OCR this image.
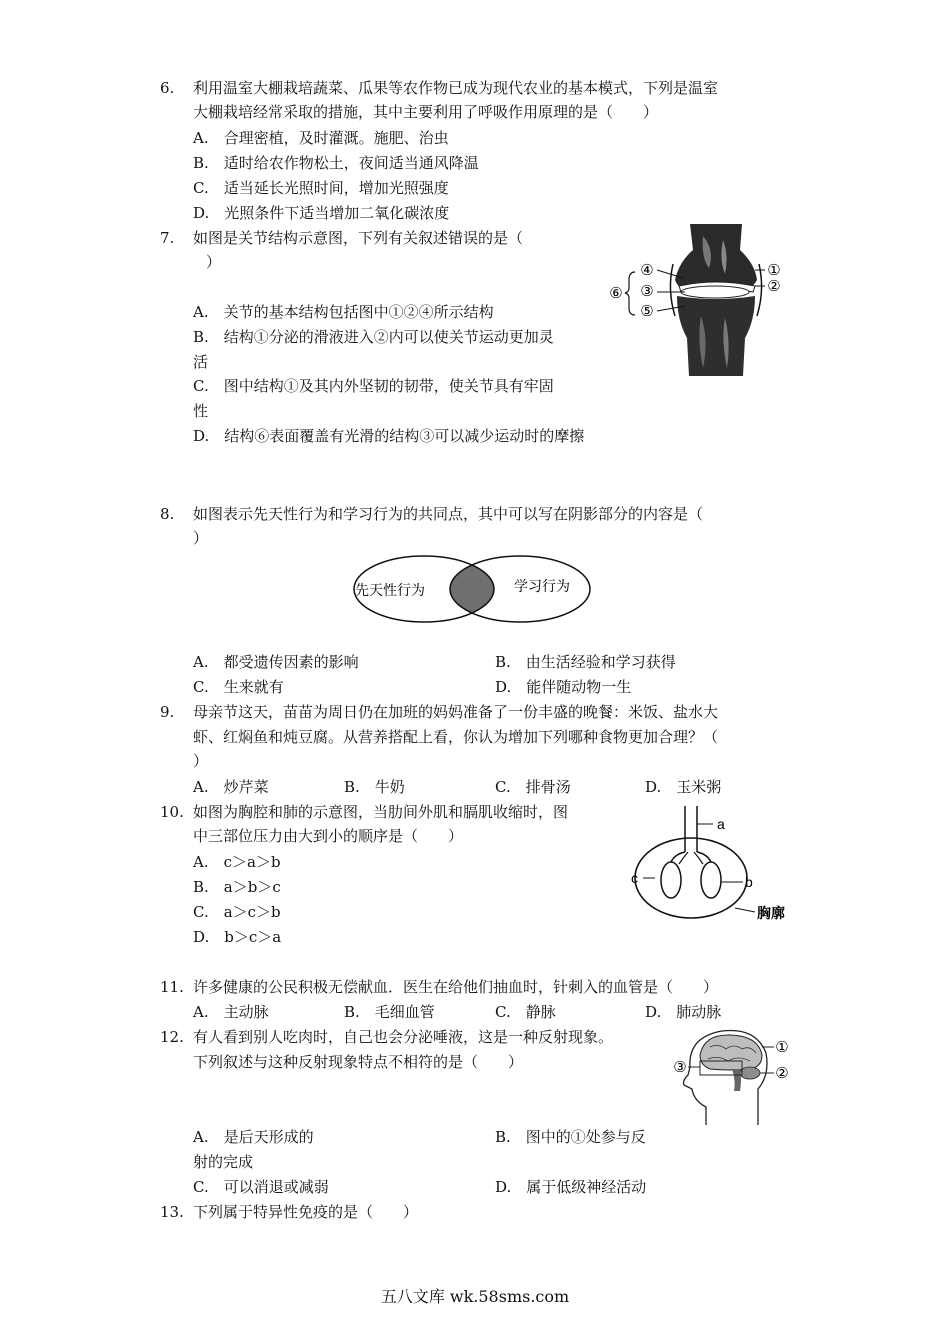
6. 利用温室大棚栽培蔬菜、瓜果等农作物已成为现代农业的基本模式，下列是温室
大棚栽培经常采取的措施，其中主要利用了呼吸作用原理的是（　　）
A.　合理密植，及时灌溉。施肥、治虫
B.　适时给农作物松土，夜间适当通风降温
C.　适当延长光照时间，增加光照强度
D.　光照条件下适当增加二氧化碳浓度
7. 如图是关节结构示意图，下列有关叙述错误的是（
）
A.　关节的基本结构包括图中①②④所示结构
B.　结构①分泌的滑液进入②内可以使关节运动更加灵
活
C.　图中结构①及其内外坚韧的韧带，使关节具有牢固
性
D.　结构⑥表面覆盖有光滑的结构③可以减少运动时的摩擦
④
③
⑤
⑥
①
②
8. 如图表示先天性行为和学习行为的共同点，其中可以写在阴影部分的内容是（
）
先天性行为	学习行为
A.　都受遗传因素的影响	B.　由生活经验和学习获得
C.　生来就有	D.　能伴随动物一生
9. 母亲节这天，苗苗为周日仍在加班的妈妈准备了一份丰盛的晚餐：米饭、盐水大
虾、红焖鱼和炖豆腐。从营养搭配上看，你认为增加下列哪种食物更加合理？（
）
A.　炒芹菜	B.　牛奶	C.　排骨汤	D.　玉米粥
10. 如图为胸腔和肺的示意图，当肋间外肌和膈肌收缩时，图
中三部位压力由大到小的顺序是（　　）
A.　c＞a＞b
B.　a＞b＞c
C.　a＞c＞b
D.　b＞c＞a
a
c	b
胸廓
11. 许多健康的公民积极无偿献血．医生在给他们抽血时，针刺入的血管是（　　）
A.　主动脉	B.　毛细血管	C.　静脉	D.　肺动脉
12. 有人看到别人吃肉时，自己也会分泌唾液，这是一种反射现象。
下列叙述与这种反射现象特点不相符的是（　　）
①
②
③
A.　是后天形成的	B.　图中的①处参与反
射的完成
C.　可以消退或减弱	D.　属于低级神经活动
13. 下列属于特异性免疫的是（　　）
五八文库 wk.58sms.com
